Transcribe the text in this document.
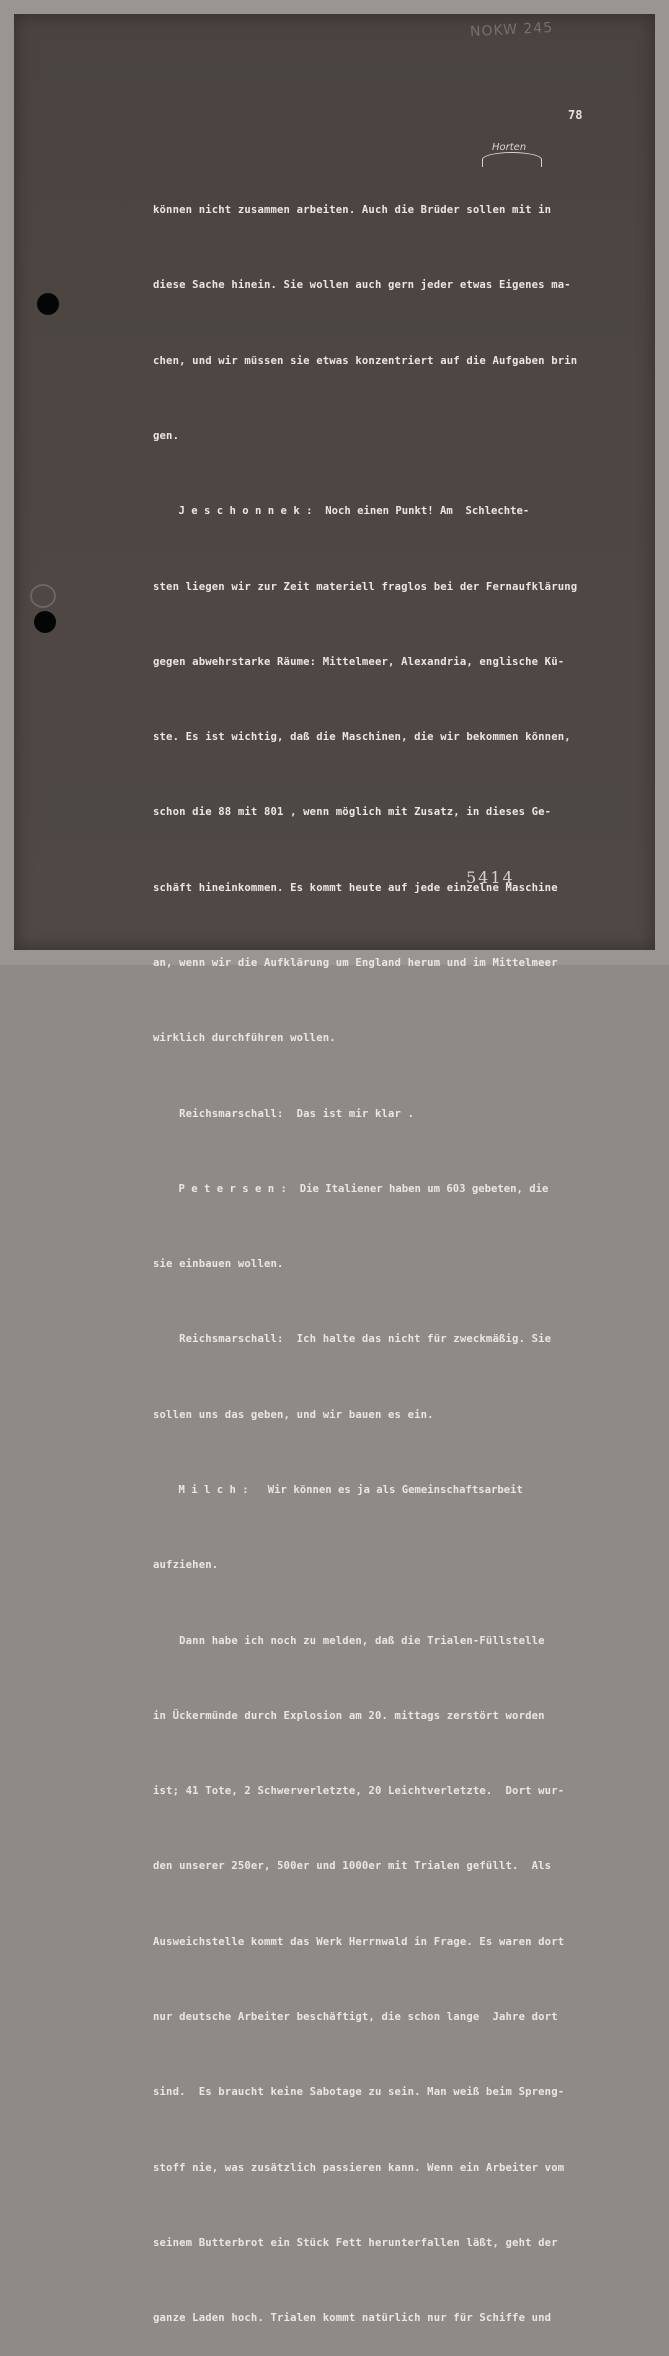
NOKW 245
78
Horten

können nicht zusammen arbeiten. Auch die Brüder sollen mit in

diese Sache hinein. Sie wollen auch gern jeder etwas Eigenes ma-

chen, und wir müssen sie etwas konzentriert auf die Aufgaben brin

gen.

J e s c h o n n e k :  Noch einen Punkt! Am  Schlechte-

sten liegen wir zur Zeit materiell fraglos bei der Fernaufklärung

gegen abwehrstarke Räume: Mittelmeer, Alexandria, englische Kü-

ste. Es ist wichtig, daß die Maschinen, die wir bekommen können,

schon die 88 mit 801 , wenn möglich mit Zusatz, in dieses Ge-

schäft hineinkommen. Es kommt heute auf jede einzelne Maschine

an, wenn wir die Aufklärung um England herum und im Mittelmeer

wirklich durchführen wollen.

Reichsmarschall:  Das ist mir klar .

P e t e r s e n :  Die Italiener haben um 603 gebeten, die

sie einbauen wollen.

Reichsmarschall:  Ich halte das nicht für zweckmäßig. Sie

sollen uns das geben, und wir bauen es ein.

M i l c h :   Wir können es ja als Gemeinschaftsarbeit

aufziehen.

Dann habe ich noch zu melden, daß die Trialen-Füllstelle

in Ückermünde durch Explosion am 20. mittags zerstört worden

ist; 41 Tote, 2 Schwerverletzte, 20 Leichtverletzte.  Dort wur-

den unserer 250er, 500er und 1000er mit Trialen gefüllt.  Als

Ausweichstelle kommt das Werk Herrnwald in Frage. Es waren dort

nur deutsche Arbeiter beschäftigt, die schon lange  Jahre dort

sind.  Es braucht keine Sabotage zu sein. Man weiß beim Spreng-

stoff nie, was zusätzlich passieren kann. Wenn ein Arbeiter vom

seinem Butterbrot ein Stück Fett herunterfallen läßt, geht der

ganze Laden hoch. Trialen kommt natürlich nur für Schiffe und

5414
